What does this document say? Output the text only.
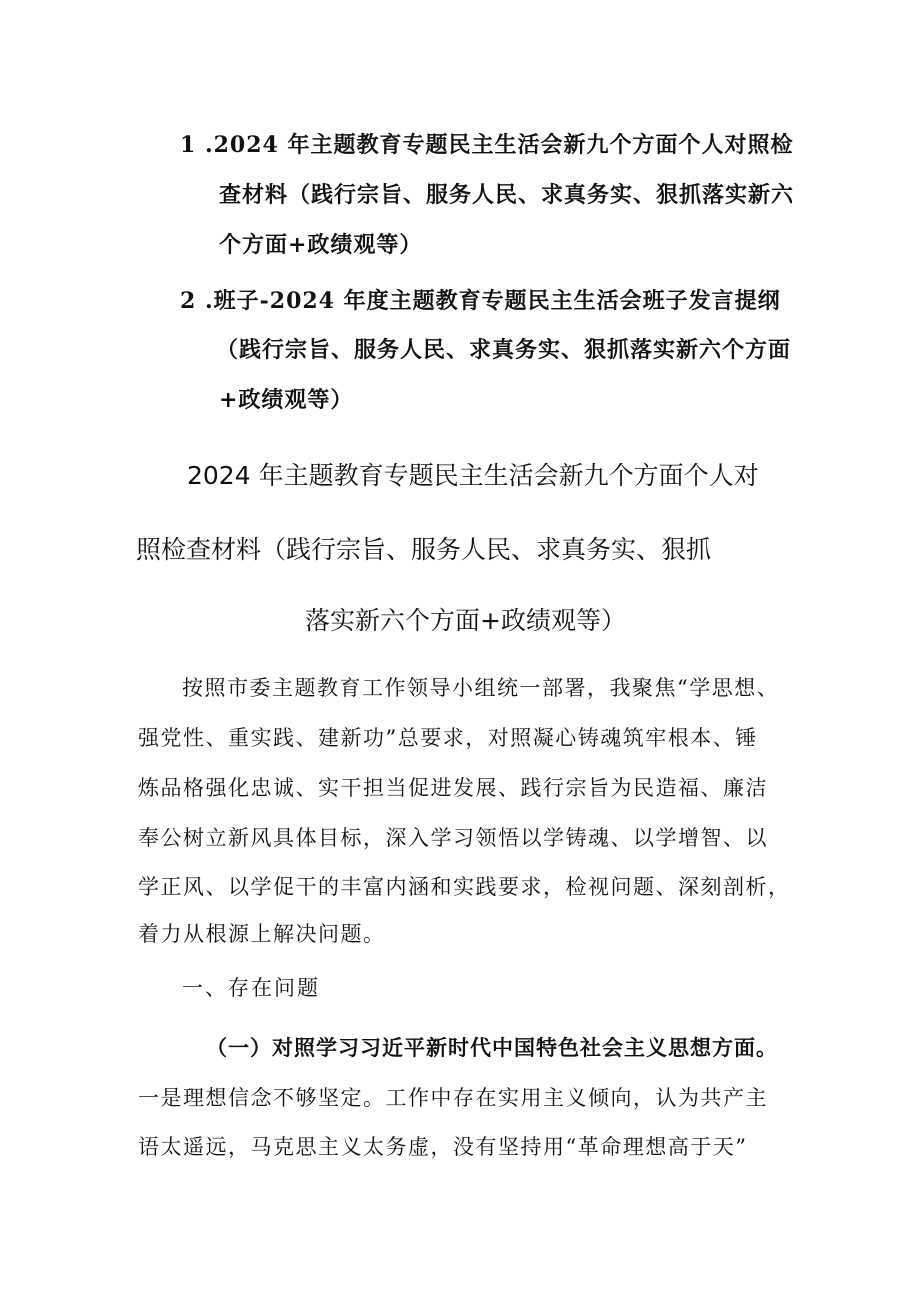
1 .2024 年主题教育专题民主生活会新九个方面个人对照检
查材料（践行宗旨、服务人民、求真务实、狠抓落实新六
个方面+政绩观等）
2 .班子-2024 年度主题教育专题民主生活会班子发言提纲
（践行宗旨、服务人民、求真务实、狠抓落实新六个方面
+政绩观等）
2024 年主题教育专题民主生活会新九个方面个人对
照检查材料（践行宗旨、服务人民、求真务实、狠抓
落实新六个方面+政绩观等）
按照市委主题教育工作领导小组统一部署，我聚焦“学思想、
强党性、重实践、建新功”总要求，对照凝心铸魂筑牢根本、锤
炼品格强化忠诚、实干担当促进发展、践行宗旨为民造福、廉洁
奉公树立新风具体目标，深入学习领悟以学铸魂、以学增智、以
学正风、以学促干的丰富内涵和实践要求，检视问题、深刻剖析，
着力从根源上解决问题。
一、存在问题
（一）对照学习习近平新时代中国特色社会主义思想方面。
一是理想信念不够坚定。工作中存在实用主义倾向，认为共产主
语太遥远，马克思主义太务虚，没有坚持用“革命理想高于天”
